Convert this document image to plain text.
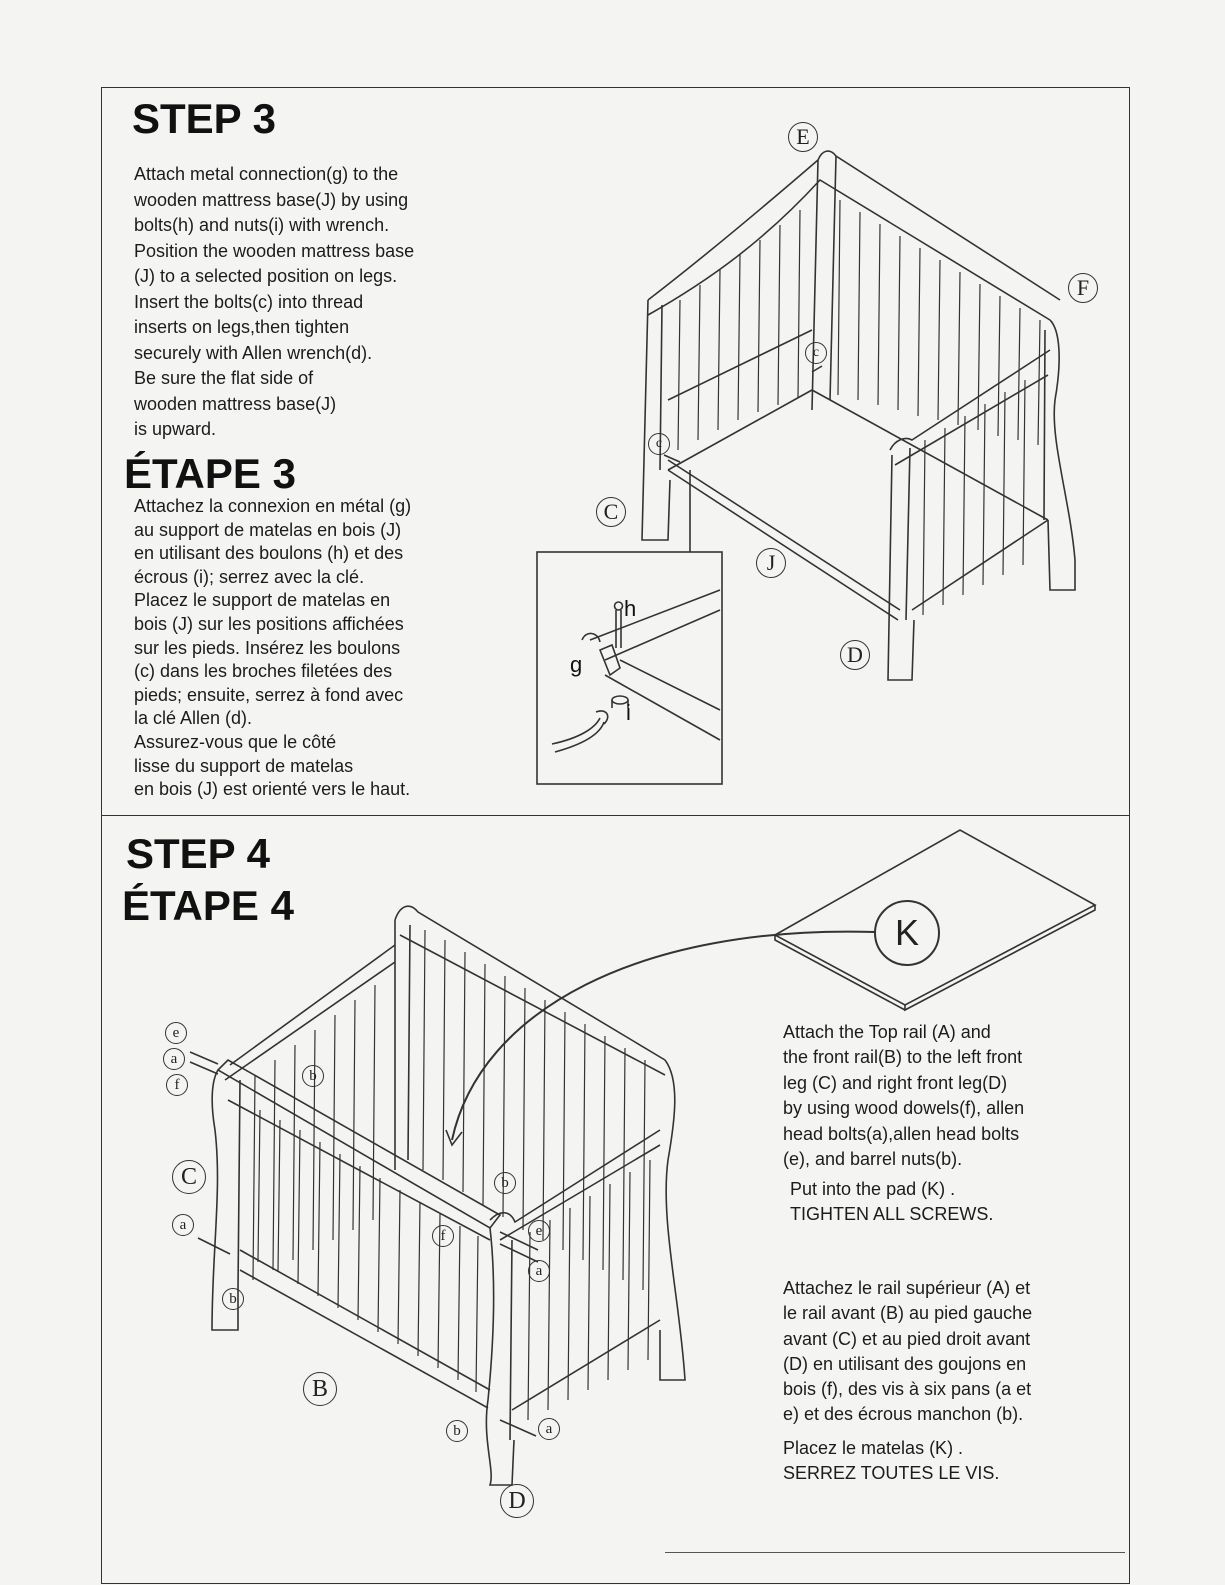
STEP 3
Attach metal connection(g) to the
wooden mattress base(J) by using
bolts(h) and nuts(i) with wrench.
Position the wooden mattress base
(J) to a selected position on legs.
Insert the bolts(c) into thread
inserts on legs,then tighten
securely with Allen wrench(d).
Be sure the flat side of
wooden mattress base(J)
is upward.
ÉTAPE 3
Attachez la connexion en métal (g)
au support de matelas en bois (J)
en utilisant des boulons (h) et des
écrous (i); serrez avec la clé.
Placez le support de matelas en
bois (J) sur les positions affichées
sur les pieds. Insérez les boulons
(c) dans les broches filetées des
pieds; ensuite, serrez à fond avec
la clé Allen (d).
Assurez-vous que le côté
lisse du support de matelas
en bois (J) est orienté vers le haut.
STEP 4
ÉTAPE 4
Attach the Top rail (A) and
the front rail(B) to the left front
leg (C) and right front leg(D)
by using wood dowels(f), allen
head bolts(a),allen head bolts
(e), and barrel nuts(b).
Put into the pad (K) .
TIGHTEN ALL SCREWS.
Attachez le rail supérieur (A) et
le rail avant (B) au pied gauche
avant (C) et au pied droit avant
(D) en utilisant des goujons en
bois (f), des vis à six pans (a et
e) et des écrous manchon (b).
Placez le matelas (K) .
SERREZ TOUTES LE VIS.
h
g
i
E
F
c
c
C
J
D
K
e
a
f
C
a
b
b
b
f	e
a
B
b	a
D
